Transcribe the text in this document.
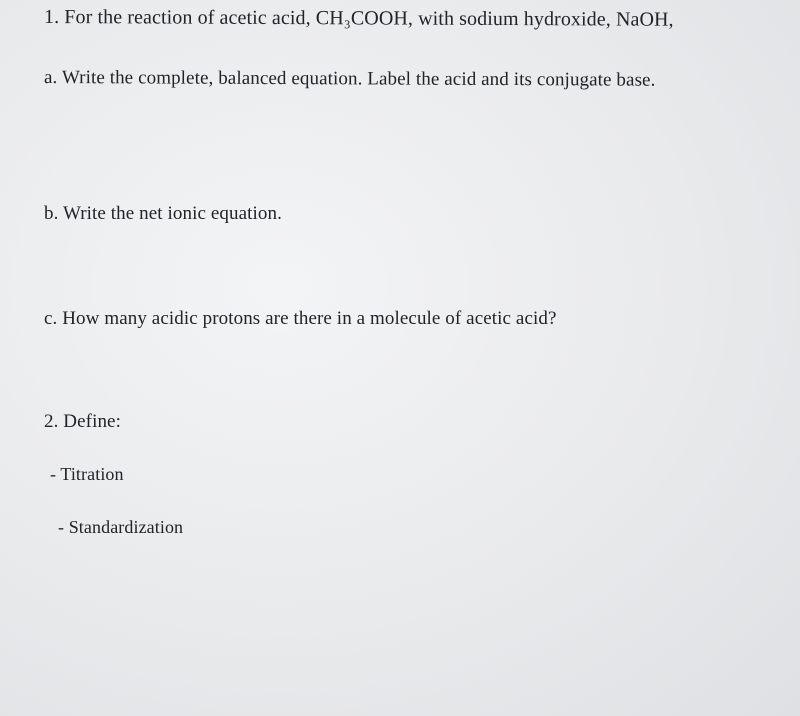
1. For the reaction of acetic acid, CH₃COOH, with sodium hydroxide, NaOH,
a. Write the complete, balanced equation. Label the acid and its conjugate base.
b. Write the net ionic equation.
c. How many acidic protons are there in a molecule of acetic acid?
2. Define:
- Titration
- Standardization
